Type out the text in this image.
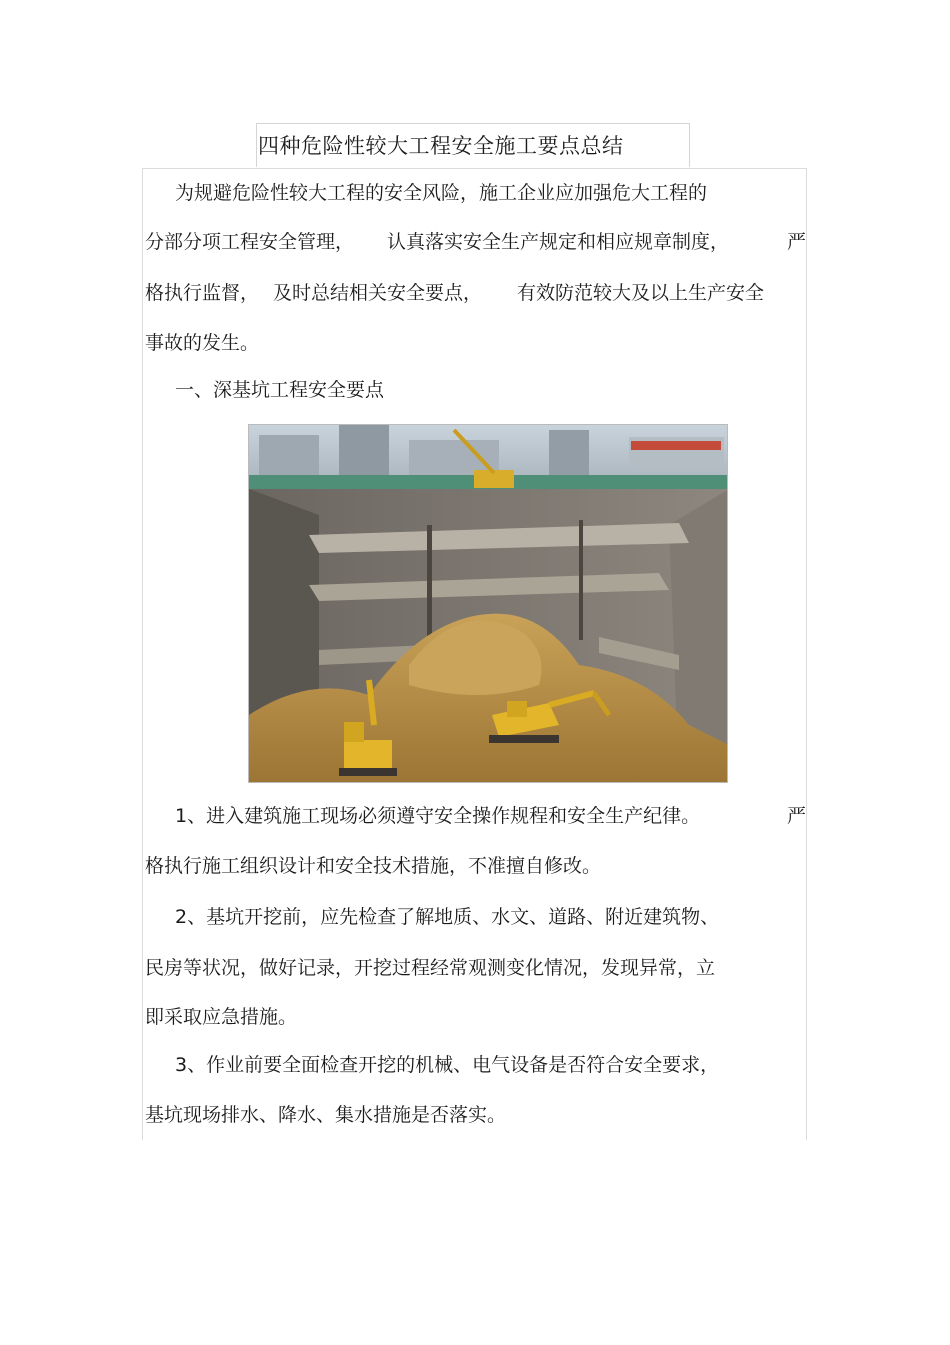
四种危险性较大工程安全施工要点总结
为规避危险性较大工程的安全风险，施工企业应加强危大工程的
分部分项工程安全管理， 认真落实安全生产规定和相应规章制度，	严
格执行监督， 及时总结相关安全要点， 有效防范较大及以上生产安全
事故的发生。
一、深基坑工程安全要点
1、进入建筑施工现场必须遵守安全操作规程和安全生产纪律。	严
格执行施工组织设计和安全技术措施，不准擅自修改。
2、基坑开挖前，应先检查了解地质、水文、道路、附近建筑物、
民房等状况，做好记录，开挖过程经常观测变化情况，发现异常，立
即采取应急措施。
3、作业前要全面检查开挖的机械、电气设备是否符合安全要求，
基坑现场排水、降水、集水措施是否落实。
